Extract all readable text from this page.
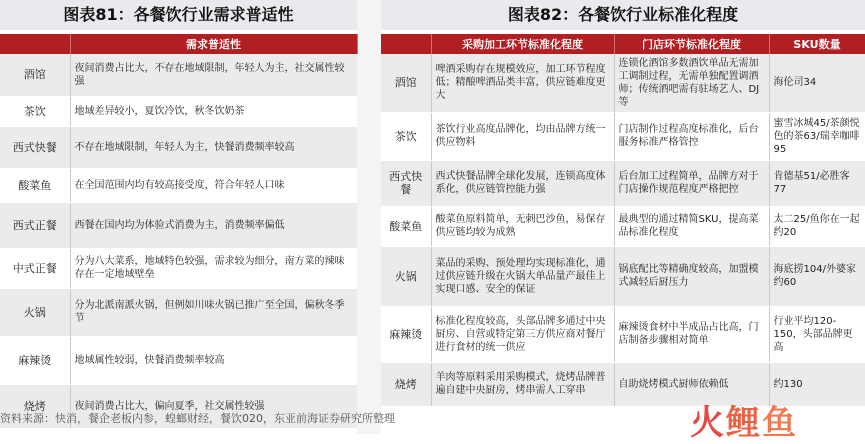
图表81：各餐饮行业需求普适性
	需求普适性
酒馆	夜间消费占比大，不存在地域限制，年轻人为主，社交属性较强
茶饮	地域差异较小，夏饮冷饮，秋冬饮奶茶
西式快餐	不存在地域限制，年轻人为主，快餐消费频率较高
酸菜鱼	在全国范围内均有较高接受度，符合年轻人口味
西式正餐	西餐在国内均为体验式消费为主，消费频率偏低
中式正餐	分为八大菜系，地域特色较强，需求较为细分，南方菜的辣味存在一定地域壁垒
火锅	分为北派南派火锅，但例如川味火锅已推广至全国，偏秋冬季节
麻辣烫	地域属性较弱，快餐消费频率较高
烧烤	夜间消费占比大，偏向夏季，社交属性较强
图表82：各餐饮行业标准化程度
	采购加工环节标准化程度	门店环节标准化程度	SKU数量
酒馆	啤酒采购存在规模效应，加工环节程度低；精酿啤酒品类丰富，供应链难度更大	连锁化酒馆多数酒饮单品无需加工调制过程，无需单独配置调酒师；传统酒吧需有驻场艺人、DJ等	海伦司34
茶饮	茶饮行业高度品牌化，均由品牌方统一供应物料	门店制作过程高度标准化，后台服务标准严格管控	蜜雪冰城45/茶颜悦色的茶63/瑞幸咖啡95
西式快餐	西式快餐品牌全球化发展，连锁高度体系化，供应链管控能力强	后台加工过程简单，品牌方对于门店操作规范程度严格把控	肯德基51/必胜客77
酸菜鱼	酸菜鱼原料简单，无刺巴沙鱼，易保存供应链均较为成熟	最典型的通过精简SKU，提高菜品标准化程度	太二25/鱼你在一起约20
火锅	菜品的采购、预处理均实现标准化，通过供应链升级在火锅大单品量产最佳上实现口感、安全的保证	锅底配比等精确度较高，加盟模式减轻后厨压力	海底捞104/外婆家约60
麻辣烫	标准化程度较高，头部品牌多通过中央厨房、自营或特定第三方供应商对餐厅进行食材的统一供应	麻辣烫食材中半成品占比高，门店制备步骤相对简单	行业平均120-150，头部品牌更高
烧烤	羊肉等原料采用采购模式，烧烤品牌普遍自建中央厨房，烤串需人工穿串	自助烧烤模式厨师依赖低	约130
资料来源：快消，餐企老板内参，蝗螂财经，餐饮020，东亚前海证券研究所整理	火鲤鱼
